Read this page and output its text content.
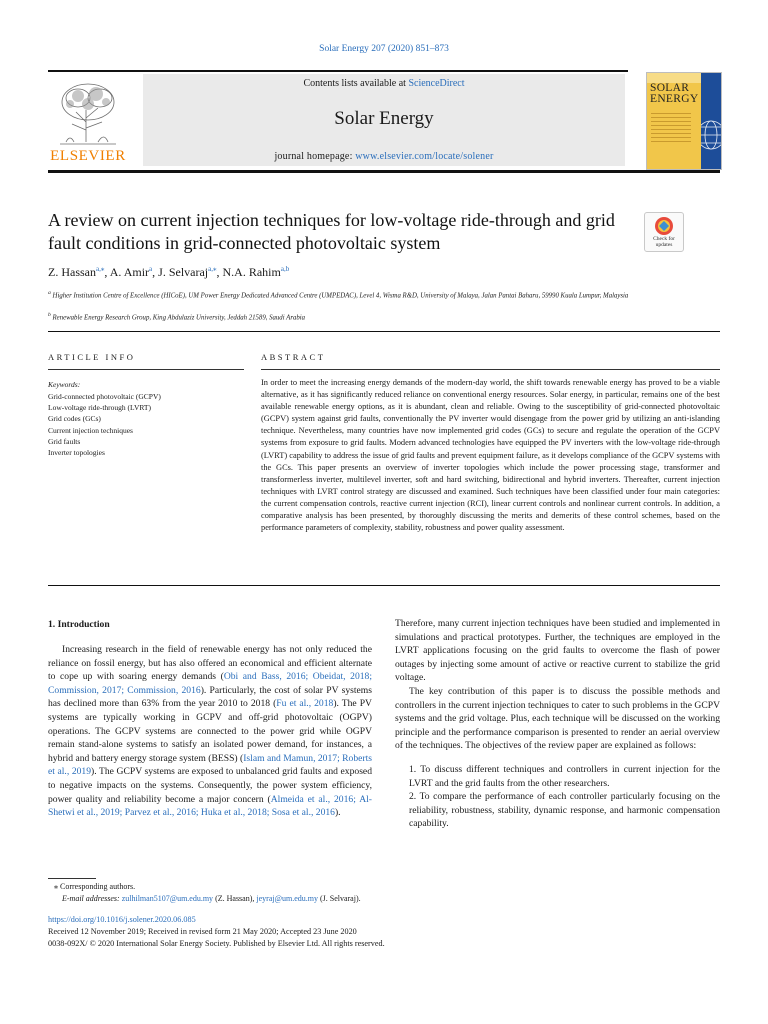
Solar Energy 207 (2020) 851–873
Contents lists available at ScienceDirect
Solar Energy
journal homepage: www.elsevier.com/locate/solener
ELSEVIER
SOLAR
ENERGY
A review on current injection techniques for low-voltage ride-through and grid fault conditions in grid-connected photovoltaic system	Check for
updates
Z. Hassan$^{a,⁎}$, A. Amir$^a$, J. Selvaraj$^{a,⁎}$, N.A. Rahim$^{a,b}$
$^a$ Higher Institution Centre of Excellence (HICoE), UM Power Energy Dedicated Advanced Centre (UMPEDAC), Level 4, Wisma R&D, University of Malaya, Jalan Pantai Baharu, 59990 Kuala Lumpur, Malaysia
$^b$ Renewable Energy Research Group, King Abdulaziz University, Jeddah 21589, Saudi Arabia
ARTICLE INFO
Keywords:
Grid-connected photovoltaic (GCPV)
Low-voltage ride-through (LVRT)
Grid codes (GCs)
Current injection techniques
Grid faults
Inverter topologies
ABSTRACT
In order to meet the increasing energy demands of the modern-day world, the shift towards renewable energy has proved to be a viable alternative, as it has significantly reduced reliance on conventional energy resources. Solar energy, in particular, remains one of the best available renewable energy options, as it is abundant, clean and reliable. Owing to the susceptibility of grid-connected photovoltaic (GCPV) system against grid faults, conventionally the PV inverter would disengage from the power grid by utilizing an anti-islanding technique. Nevertheless, many countries have now implemented grid codes (GCs) to secure and regulate the operation of the GCPV systems from exposure to grid faults. Modern advanced technologies have equipped the PV inverters with the low-voltage ride-through (LVRT) capability to address the issue of grid faults and prevent equipment failure, as it develops compliance of the GCPV systems with the GCs. This paper presents an overview of inverter topologies which include the power processing stage, transformer and transformerless inverter, multilevel inverter, soft and hard switching, bidirectional and hybrid inverters. Thereafter, current injection techniques with LVRT control strategy are discussed and examined. Such techniques have been classified under four main categories: the current compensation controls, reactive current injection (RCI), linear current controls and nonlinear current controls. In addition, a comparative analysis has been presented, by thoroughly discussing the merits and demerits of these control schemes, based on the performance parameters of complexity, stability, robustness and power quality assessment.
1. Introduction

Increasing research in the field of renewable energy has not only reduced the reliance on fossil energy, but has also offered an economical and efficient alternate to cope up with soaring energy demands (Obi and Bass, 2016; Obeidat, 2018; Commission, 2017; Commission, 2016). Particularly, the cost of solar PV systems has declined more than 63% from the year 2010 to 2018 (Fu et al., 2018). The PV systems are typically working in GCPV and off-grid photovoltaic (OGPV) operations. The GCPV systems are connected to the power grid while OGPV remain stand-alone systems to satisfy an isolated power demand, for instances, a hybrid and battery energy storage system (BESS) (Islam and Mamun, 2017; Roberts et al., 2019). The GCPV systems are exposed to unbalanced grid faults and exposed to negative impacts on the systems. Consequently, the power system efficiency, power quality and reliability become a major concern (Almeida et al., 2016; Al-Shetwi et al., 2019; Parvez et al., 2016; Huka et al., 2018; Sosa et al., 2016).

Therefore, many current injection techniques have been studied and implemented in simulations and practical prototypes. Further, the techniques are employed in the LVRT applications focusing on the grid faults to overcome the flash of power outages by injecting some amount of active or reactive current to stabilize the grid voltage.

The key contribution of this paper is to discuss the possible methods and controllers in the current injection techniques to cater to such problems in the GCPV systems and the grid voltage. Plus, each technique will be discussed on the working principle and the performance comparison is presented to render an aerial overview of the techniques. The objectives of the review paper are explained as follows:

1. To discuss different techniques and controllers in current injection for the LVRT and the grid faults from the other researchers.
2. To compare the performance of each controller particularly focusing on the reliability, robustness, stability, dynamic response, and harmonic compensation capability.
⁎ Corresponding authors.
E-mail addresses: zulhilman5107@um.edu.my (Z. Hassan), jeyraj@um.edu.my (J. Selvaraj).
https://doi.org/10.1016/j.solener.2020.06.085
Received 12 November 2019; Received in revised form 21 May 2020; Accepted 23 June 2020
0038-092X/ © 2020 International Solar Energy Society. Published by Elsevier Ltd. All rights reserved.
